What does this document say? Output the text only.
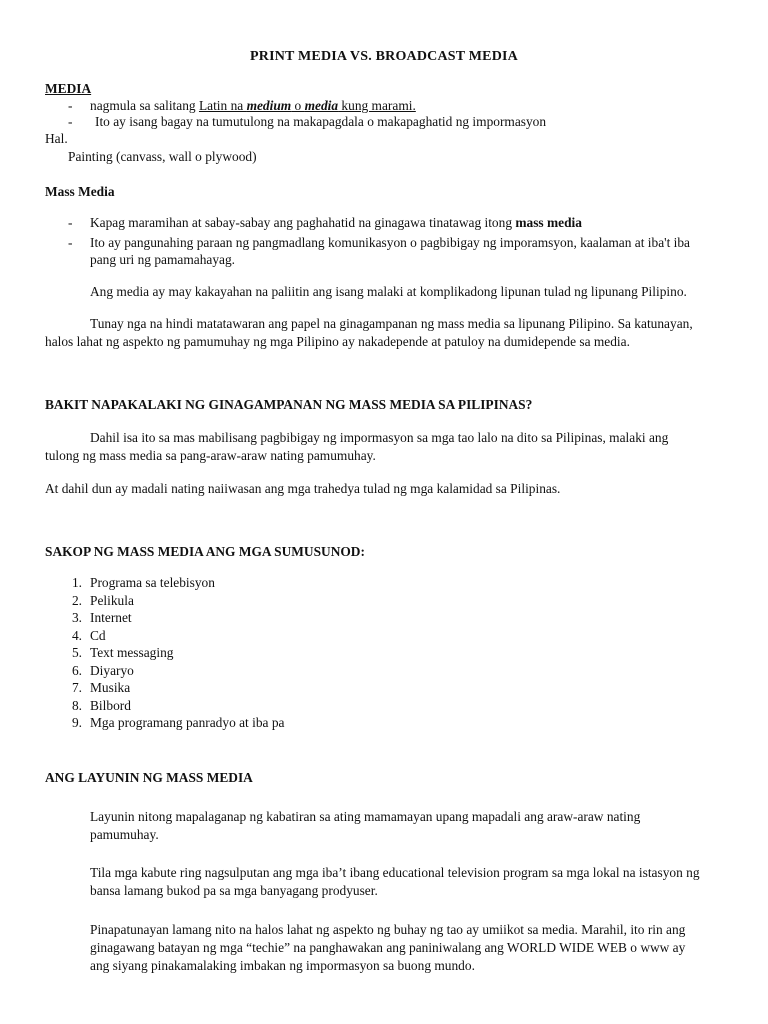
PRINT MEDIA VS. BROADCAST MEDIA
MEDIA
- nagmula sa salitang Latin na medium o media kung marami.
- Ito ay isang bagay na tumutulong na makapagdala o makapaghatid ng impormasyon
Hal.
Painting (canvass, wall o plywood)
Mass Media
- Kapag maramihan at sabay-sabay ang paghahatid na ginagawa tinatawag itong mass media
- Ito ay pangunahing paraan ng pangmadlang komunikasyon o pagbibigay ng imporamsyon, kaalaman at iba't iba
pang uri ng pamamahayag.
Ang media ay may kakayahan na paliitin ang isang malaki at komplikadong lipunan tulad ng lipunang Pilipino.
Tunay nga na hindi matatawaran ang papel na ginagampanan ng mass media sa lipunang Pilipino. Sa katunayan,
halos lahat ng aspekto ng pamumuhay ng mga Pilipino ay nakadepende at patuloy na dumidepende sa media.
BAKIT NAPAKALAKI NG GINAGAMPANAN NG MASS MEDIA SA PILIPINAS?
Dahil isa ito sa mas mabilisang pagbibigay ng impormasyon sa mga tao lalo na dito sa Pilipinas, malaki ang
tulong ng mass media sa pang-araw-araw nating pamumuhay.
At dahil dun ay madali nating naiiwasan ang mga trahedya tulad ng mga kalamidad sa Pilipinas.
SAKOP NG MASS MEDIA ANG MGA SUMUSUNOD:
1. Programa sa telebisyon
2. Pelikula
3. Internet
4. Cd
5. Text messaging
6. Diyaryo
7. Musika
8. Bilbord
9. Mga programang panradyo at iba pa
ANG LAYUNIN NG MASS MEDIA
Layunin nitong mapalaganap ng kabatiran sa ating mamamayan upang mapadali ang araw-araw nating
pamumuhay.
Tila mga kabute ring nagsulputan ang mga iba’t ibang educational television program sa mga lokal na istasyon ng
bansa lamang bukod pa sa mga banyagang prodyuser.
Pinapatunayan lamang nito na halos lahat ng aspekto ng buhay ng tao ay umiikot sa media. Marahil, ito rin ang
ginagawang batayan ng mga “techie” na panghawakan ang paniniwalang ang WORLD WIDE WEB o www ay
ang siyang pinakamalaking imbakan ng impormasyon sa buong mundo.
